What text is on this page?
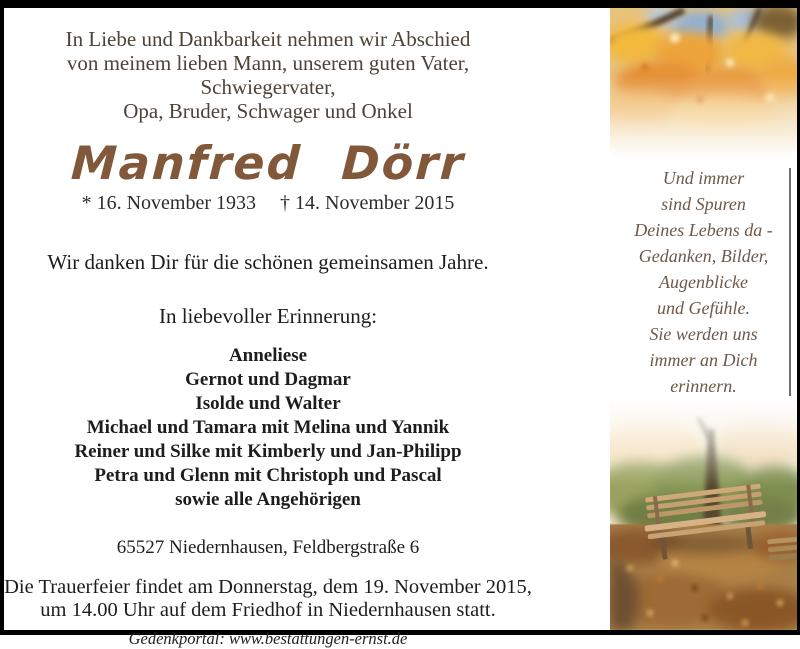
In Liebe und Dankbarkeit nehmen wir Abschied
von meinem lieben Mann, unserem guten Vater, Schwiegervater,
Opa, Bruder, Schwager und Onkel
Manfred Dörr
* 16. November 1933 † 14. November 2015
Wir danken Dir für die schönen gemeinsamen Jahre.
In liebevoller Erinnerung:
Anneliese
Gernot und Dagmar
Isolde und Walter
Michael und Tamara mit Melina und Yannik
Reiner und Silke mit Kimberly und Jan-Philipp
Petra und Glenn mit Christoph und Pascal
sowie alle Angehörigen
65527 Niedernhausen, Feldbergstraße 6
Die Trauerfeier findet am Donnerstag, dem 19. November 2015,
um 14.00 Uhr auf dem Friedhof in Niedernhausen statt.
Gedenkportal: www.bestattungen-ernst.de
Und immer
sind Spuren
Deines Lebens da -
Gedanken, Bilder,
Augenblicke
und Gefühle.
Sie werden uns
immer an Dich
erinnern.
